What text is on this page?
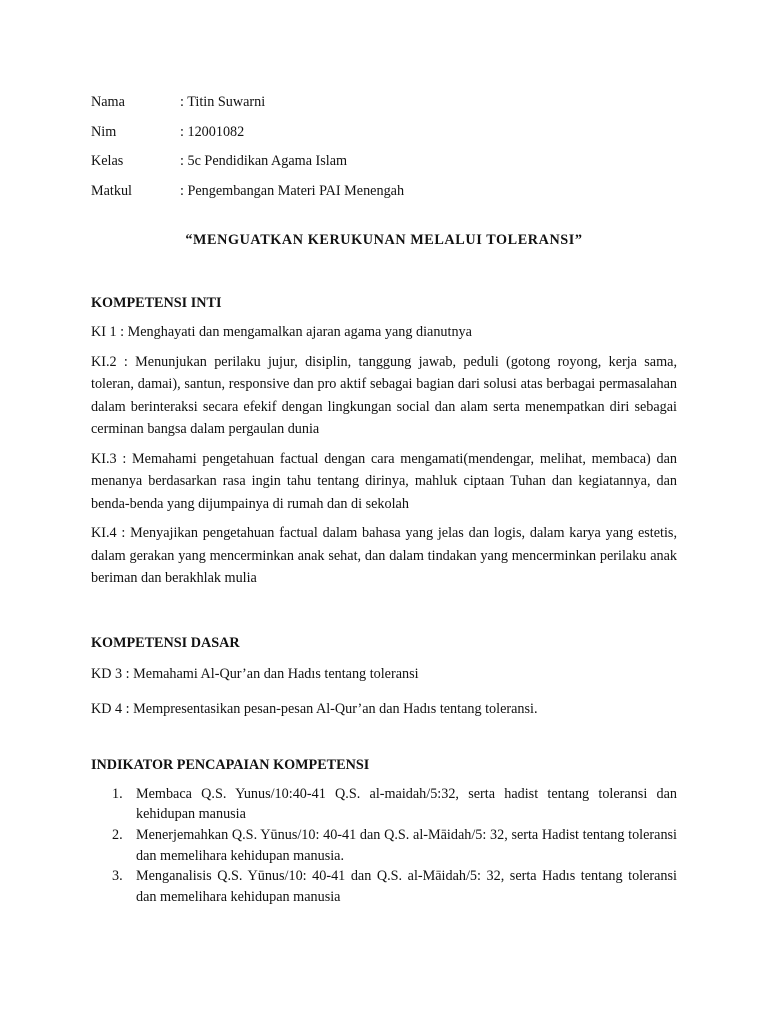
Nama	: Titin Suwarni
Nim	: 12001082
Kelas	: 5c Pendidikan Agama Islam
Matkul	: Pengembangan Materi PAI Menengah
“MENGUATKAN KERUKUNAN MELALUI TOLERANSI”
KOMPETENSI INTI

KI 1 : Menghayati dan mengamalkan ajaran agama yang dianutnya

KI.2 : Menunjukan perilaku jujur, disiplin, tanggung jawab, peduli (gotong royong, kerja sama, toleran, damai), santun, responsive dan pro aktif sebagai bagian dari solusi atas berbagai permasalahan dalam berinteraksi secara efekif dengan lingkungan social dan alam serta menempatkan diri sebagai cerminan bangsa dalam pergaulan dunia

KI.3 : Memahami pengetahuan factual dengan cara mengamati(mendengar, melihat, membaca) dan menanya berdasarkan rasa ingin tahu tentang dirinya, mahluk ciptaan Tuhan dan kegiatannya, dan benda-benda yang dijumpainya di rumah dan di sekolah

KI.4 : Menyajikan pengetahuan factual dalam bahasa yang jelas dan logis, dalam karya yang estetis, dalam gerakan yang mencerminkan anak sehat, dan dalam tindakan yang mencerminkan perilaku anak beriman dan berakhlak mulia

KOMPETENSI DASAR

KD 3 : Memahami Al-Qur’an dan Hadıs tentang toleransi

KD 4 : Mempresentasikan pesan-pesan Al-Qur’an dan Hadıs tentang toleransi.

INDIKATOR PENCAPAIAN KOMPETENSI
1. Membaca Q.S. Yunus/10:40-41 Q.S. al-maidah/5:32, serta hadist tentang toleransi dan kehidupan manusia
2. Menerjemahkan Q.S. Yūnus/10: 40-41 dan Q.S. al-Māidah/5: 32, serta Hadist tentang toleransi dan memelihara kehidupan manusia.
3. Menganalisis Q.S. Yūnus/10: 40-41 dan Q.S. al-Māidah/5: 32, serta Hadıs tentang toleransi dan memelihara kehidupan manusia
